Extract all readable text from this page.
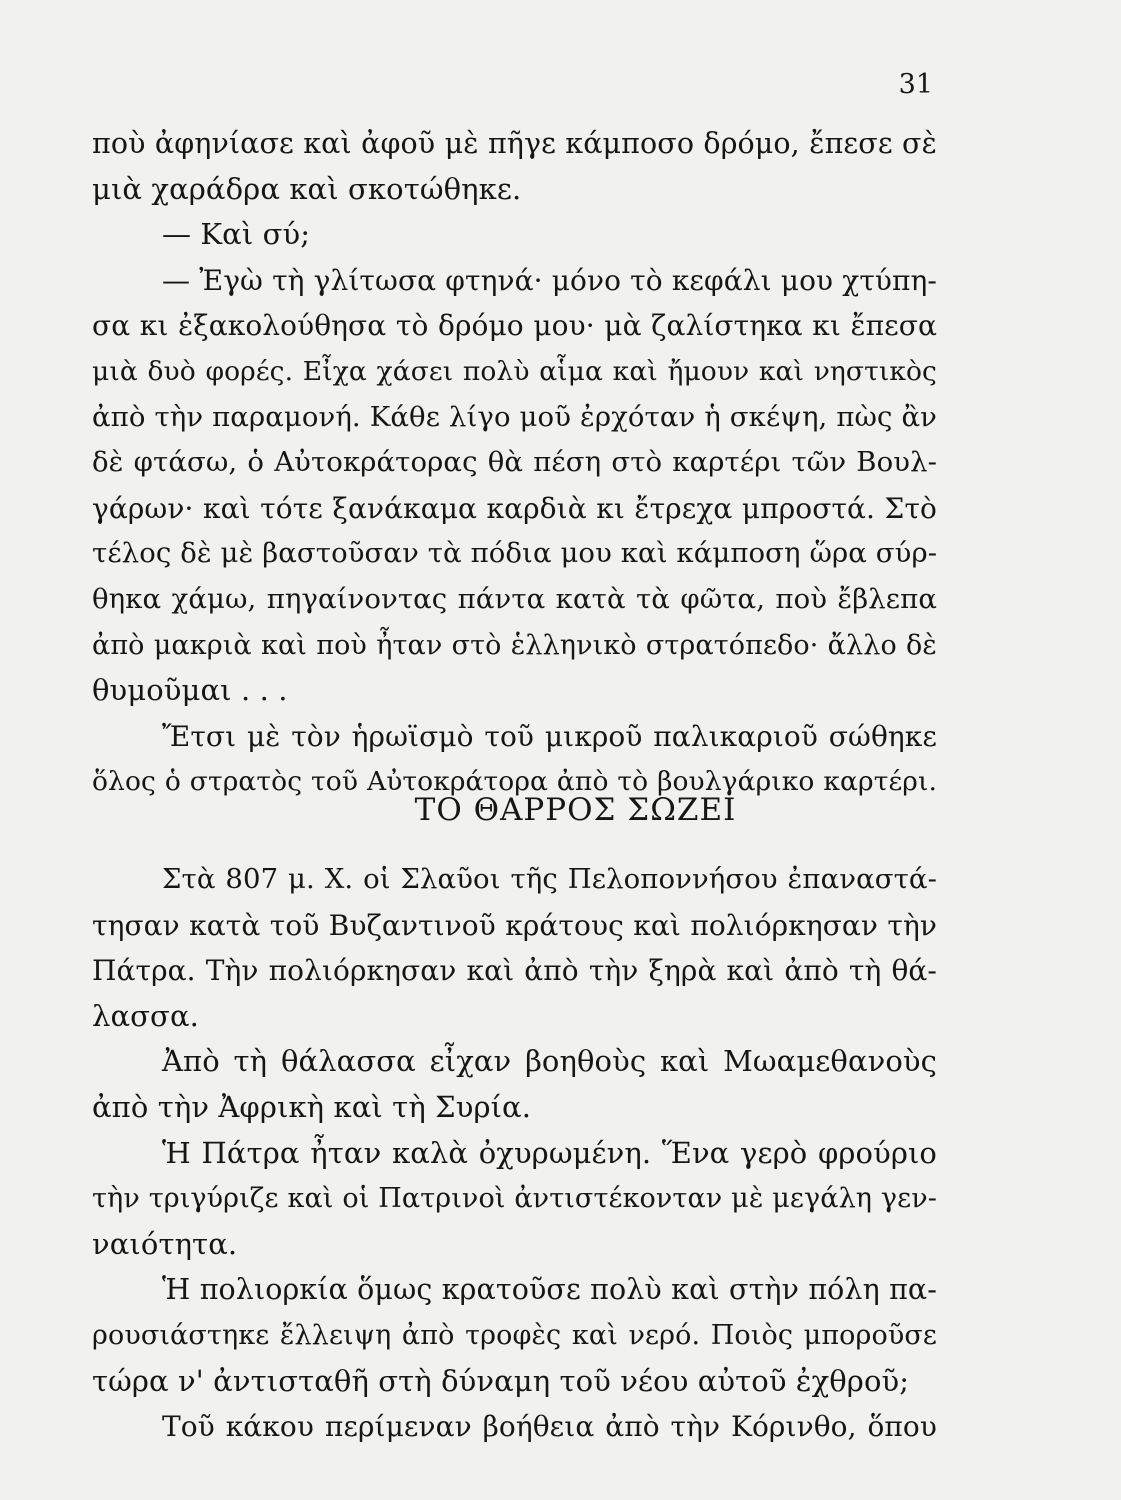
31
ποὺ ἀφηνίασε καὶ ἀφοῦ μὲ πῆγε κάμποσο δρόμο, ἔπεσε σὲ
μιὰ χαράδρα καὶ σκοτώθηκε.
— Καὶ σύ;
— Ἐγὼ τὴ γλίτωσα φτηνά· μόνο τὸ κεφάλι μου χτύπη-
σα κι ἐξακολούθησα τὸ δρόμο μου· μὰ ζαλίστηκα κι ἔπεσα
μιὰ δυὸ φορές. Εἶχα χάσει πολὺ αἷμα καὶ ἤμουν καὶ νηστικὸς
ἀπὸ τὴν παραμονή. Κάθε λίγο μοῦ ἐρχόταν ἡ σκέψη, πὼς ἂν
δὲ φτάσω, ὁ Αὐτοκράτορας θὰ πέση στὸ καρτέρι τῶν Βουλ-
γάρων· καὶ τότε ξανάκαμα καρδιὰ κι ἔτρεχα μπροστά. Στὸ
τέλος δὲ μὲ βαστοῦσαν τὰ πόδια μου καὶ κάμποση ὥρα σύρ-
θηκα χάμω, πηγαίνοντας πάντα κατὰ τὰ φῶτα, ποὺ ἔβλεπα
ἀπὸ μακριὰ καὶ ποὺ ἦταν στὸ ἑλληνικὸ στρατόπεδο· ἄλλο δὲ
θυμοῦμαι . . .
Ἔτσι μὲ τὸν ἡρωϊσμὸ τοῦ μικροῦ παλικαριοῦ σώθηκε
ὅλος ὁ στρατὸς τοῦ Αὐτοκράτορα ἀπὸ τὸ βουλγάρικο καρτέρι.
ΤΟ ΘΑΡΡΟΣ ΣΩΖΕΙ
Στὰ 807 μ. Χ. οἱ Σλαῦοι τῆς Πελοποννήσου ἐπαναστά-
τησαν κατὰ τοῦ Βυζαντινοῦ κράτους καὶ πολιόρκησαν τὴν
Πάτρα. Τὴν πολιόρκησαν καὶ ἀπὸ τὴν ξηρὰ καὶ ἀπὸ τὴ θά-
λασσα.
Ἀπὸ τὴ θάλασσα εἶχαν βοηθοὺς καὶ Μωαμεθανοὺς
ἀπὸ τὴν Ἀφρικὴ καὶ τὴ Συρία.
Ἡ Πάτρα ἦταν καλὰ ὀχυρωμένη. Ἕνα γερὸ φρούριο
τὴν τριγύριζε καὶ οἱ Πατρινοὶ ἀντιστέκονταν μὲ μεγάλη γεν-
ναιότητα.
Ἡ πολιορκία ὅμως κρατοῦσε πολὺ καὶ στὴν πόλη πα-
ρουσιάστηκε ἔλλειψη ἀπὸ τροφὲς καὶ νερό. Ποιὸς μποροῦσε
τώρα ν' ἀντισταθῆ στὴ δύναμη τοῦ νέου αὐτοῦ ἐχθροῦ;
Τοῦ κάκου περίμεναν βοήθεια ἀπὸ τὴν Κόρινθο, ὅπου
